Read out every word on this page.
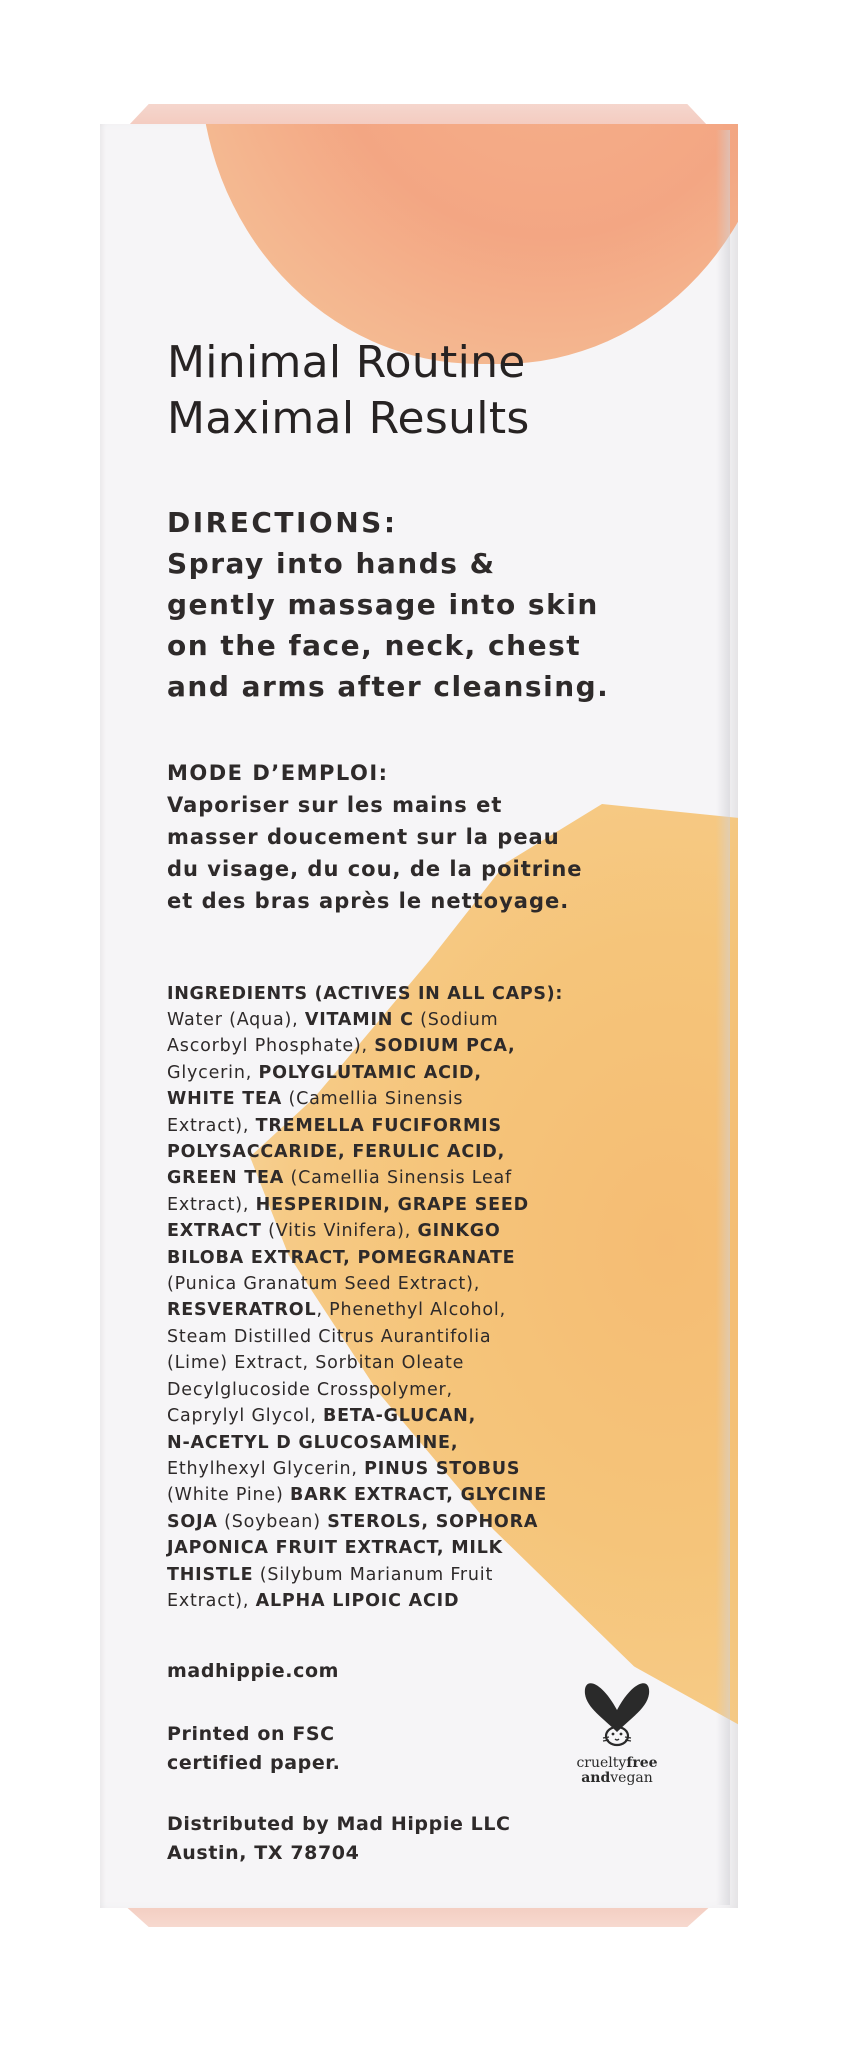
Minimal Routine
Maximal Results

DIRECTIONS:

Spray into hands &

gently massage into skin

on the face, neck, chest

and arms after cleansing.

MODE D’EMPLOI:

Vaporiser sur les mains et

masser doucement sur la peau

du visage, du cou, de la poitrine

et des bras après le nettoyage.

INGREDIENTS (ACTIVES IN ALL CAPS):

Water (Aqua), VITAMIN C (Sodium

Ascorbyl Phosphate), SODIUM PCA,

Glycerin, POLYGLUTAMIC ACID,

WHITE TEA (Camellia Sinensis

Extract), TREMELLA FUCIFORMIS

POLYSACCARIDE, FERULIC ACID,

GREEN TEA (Camellia Sinensis Leaf

Extract), HESPERIDIN, GRAPE SEED

EXTRACT (Vitis Vinifera), GINKGO

BILOBA EXTRACT, POMEGRANATE

(Punica Granatum Seed Extract),

RESVERATROL, Phenethyl Alcohol,

Steam Distilled Citrus Aurantifolia

(Lime) Extract, Sorbitan Oleate

Decylglucoside Crosspolymer,

Caprylyl Glycol, BETA-GLUCAN,

N-ACETYL D GLUCOSAMINE,

Ethylhexyl Glycerin, PINUS STOBUS

(White Pine) BARK EXTRACT, GLYCINE

SOJA (Soybean) STEROLS, SOPHORA

JAPONICA FRUIT EXTRACT, MILK

THISTLE (Silybum Marianum Fruit

Extract), ALPHA LIPOIC ACID

madhippie.com
Printed on FSC
certified paper.
Distributed by Mad Hippie LLC
Austin, TX 78704
crueltyfree
andvegan
